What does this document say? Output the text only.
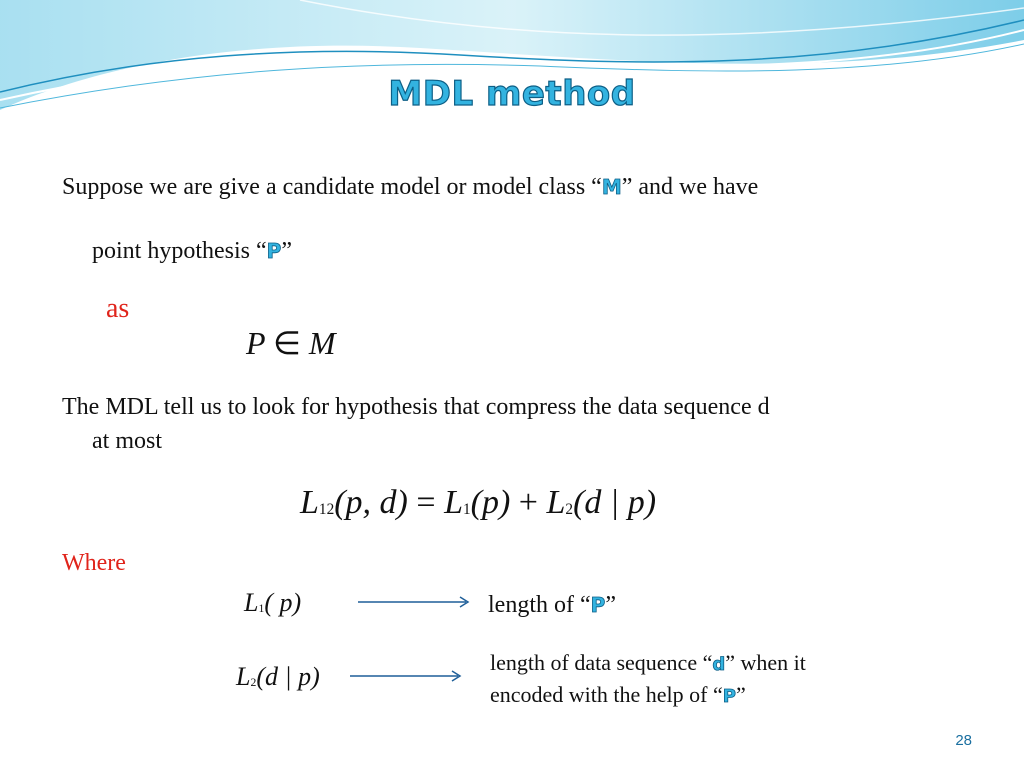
MDL method
Suppose we are give a candidate model or model class “M” and we have
point hypothesis “P”
as
P ∈ M
The MDL tell us to look for hypothesis that compress the data sequence d
at most
$L_{12}(p$, $d) = L_1(p) + L_2(d$ | p)
Where
$L_1$( p)	length of “P”
$L_2(d$ | p)	length of data sequence “d” when it
encoded with the help of “P”
28
